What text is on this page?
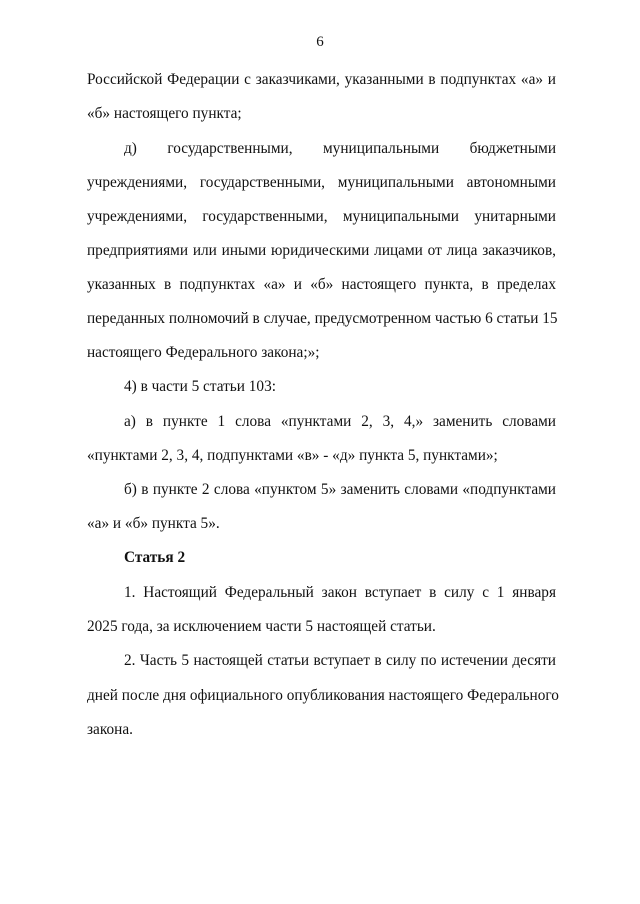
6
Российской Федерации с заказчиками, указанными в подпунктах «а» и
«б» настоящего пункта;
д) государственными, муниципальными бюджетными
учреждениями, государственными, муниципальными автономными
учреждениями, государственными, муниципальными унитарными
предприятиями или иными юридическими лицами от лица заказчиков,
указанных в подпунктах «а» и «б» настоящего пункта, в пределах
переданных полномочий в случае, предусмотренном частью 6 статьи 15
настоящего Федерального закона;»;
4) в части 5 статьи 103:
а) в пункте 1 слова «пунктами 2, 3, 4,» заменить словами
«пунктами 2, 3, 4, подпунктами «в» - «д» пункта 5, пунктами»;
б) в пункте 2 слова «пунктом 5» заменить словами «подпунктами
«а» и «б» пункта 5».
Статья 2
1. Настоящий Федеральный закон вступает в силу с 1 января
2025 года, за исключением части 5 настоящей статьи.
2. Часть 5 настоящей статьи вступает в силу по истечении десяти
дней после дня официального опубликования настоящего Федерального
закона.
